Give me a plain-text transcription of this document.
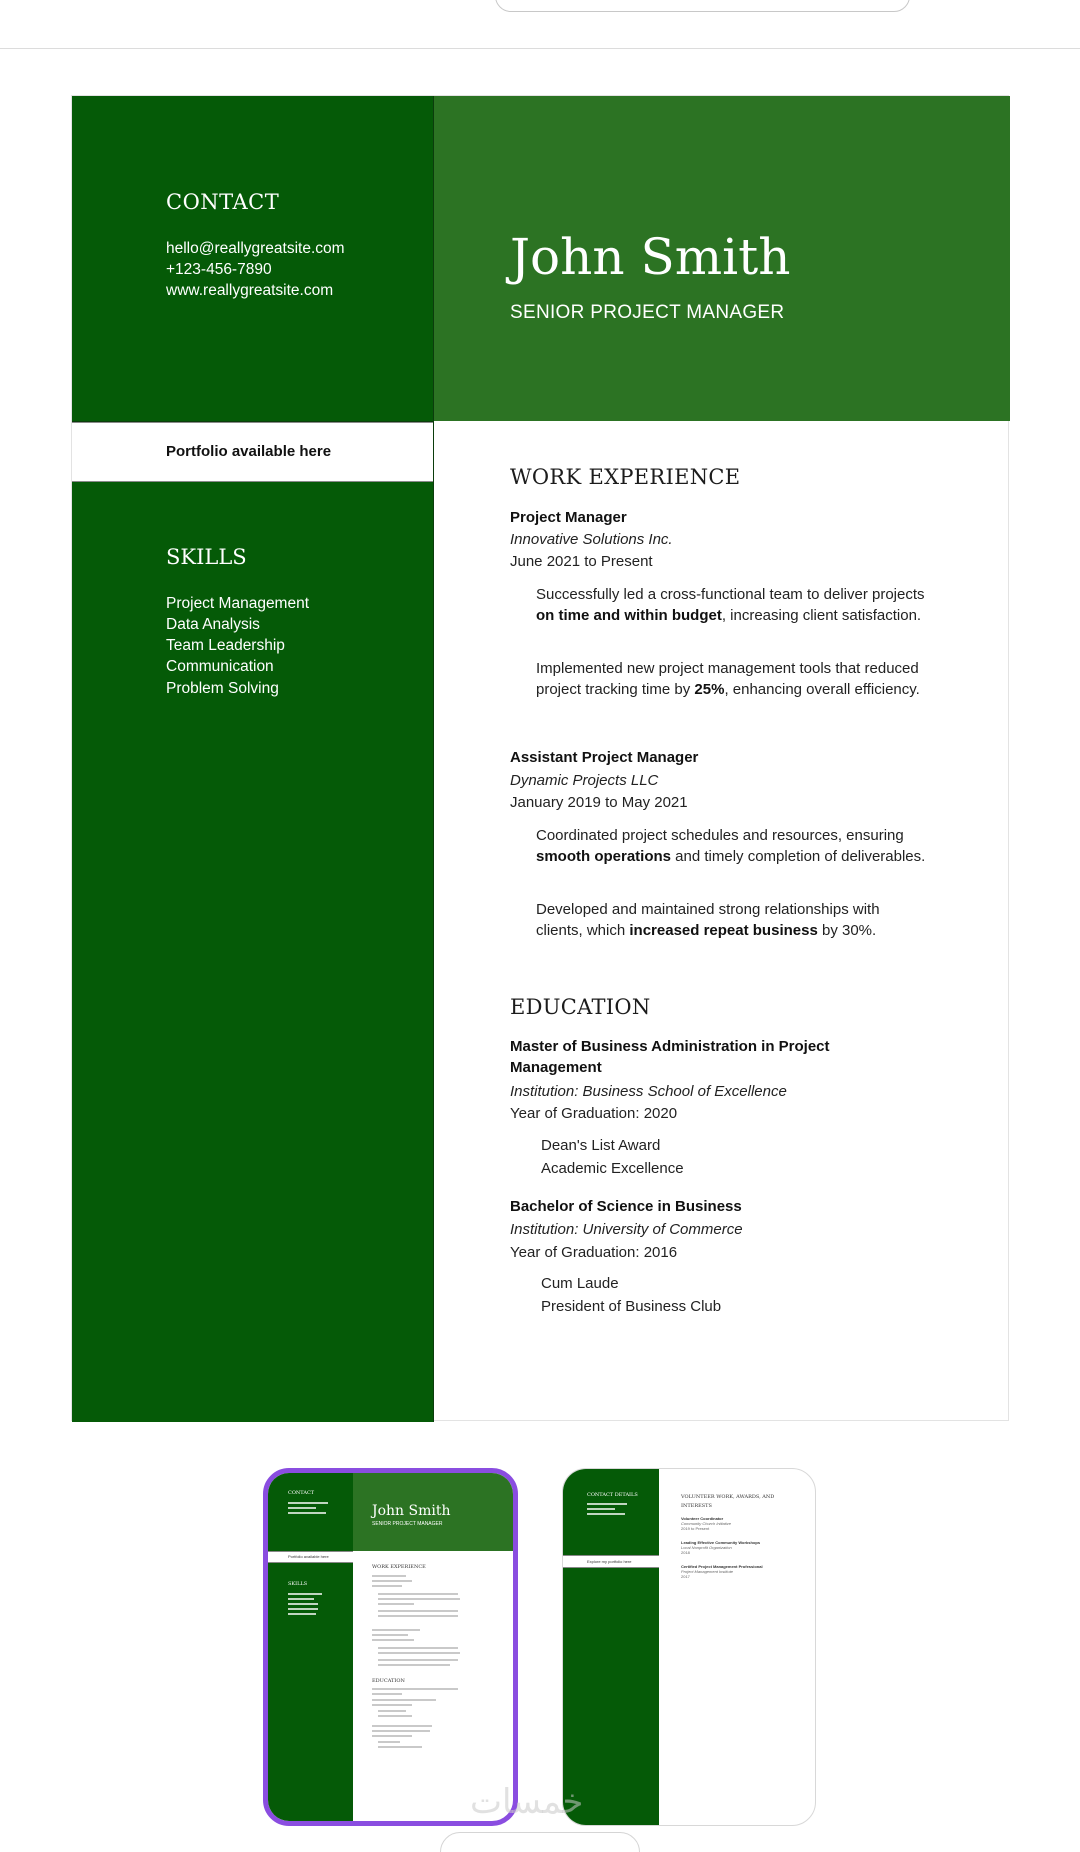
CONTACT
hello@reallygreatsite.com
+123-456-7890
www.reallygreatsite.com
Portfolio available here
SKILLS
Project Management
Data Analysis
Team Leadership
Communication
Problem Solving
John Smith
SENIOR PROJECT MANAGER
WORK EXPERIENCE
Project Manager
Innovative Solutions Inc.
June 2021 to Present
Successfully led a cross-functional team to deliver projects on time and within budget, increasing client satisfaction.
Implemented new project management tools that reduced project tracking time by 25%, enhancing overall efficiency.
Assistant Project Manager
Dynamic Projects LLC
January 2019 to May 2021
Coordinated project schedules and resources, ensuring smooth operations and timely completion of deliverables.
Developed and maintained strong relationships with clients, which increased repeat business by 30%.
EDUCATION
Master of Business Administration in Project Management
Institution: Business School of Excellence
Year of Graduation: 2020
Dean's List Award
Academic Excellence
Bachelor of Science in Business
Institution: University of Commerce
Year of Graduation: 2016
Cum Laude
President of Business Club
CONTACT
Portfolio available here
SKILLS
John Smith
SENIOR PROJECT MANAGER
WORK EXPERIENCE
EDUCATION
CONTACT DETAILS
Explore my portfolio here
VOLUNTEER WORK, AWARDS, AND INTERESTS
Volunteer Coordinator
Community Church Initiative
2019 to Present
Leading Effective Community Workshops
Local Nonprofit Organization
2018
Certified Project Management Professional
Project Management Institute
2017
خمسات
